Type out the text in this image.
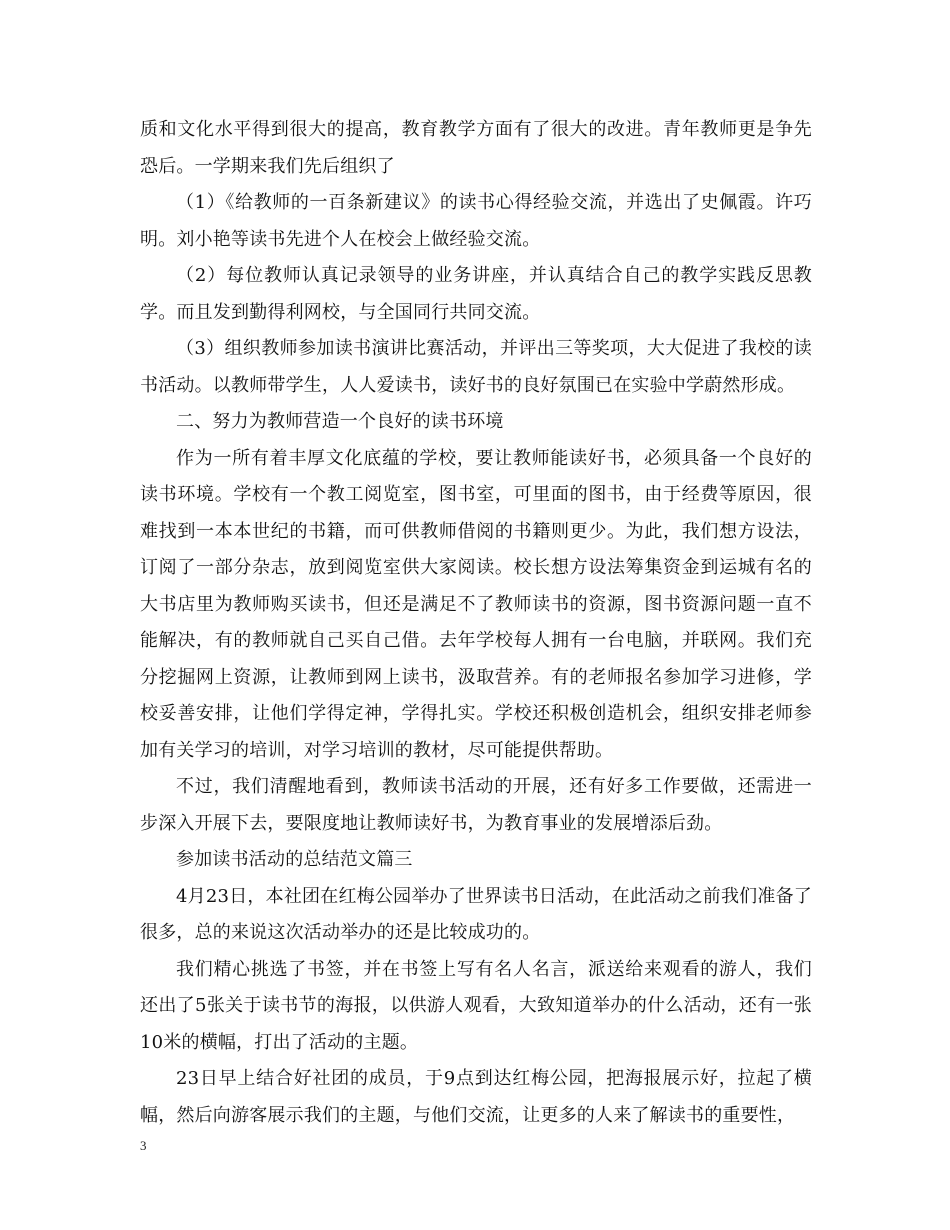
质和文化水平得到很大的提高，教育教学方面有了很大的改进。青年教师更是争先恐后。一学期来我们先后组织了

（1）《给教师的一百条新建议》的读书心得经验交流，并选出了史佩霞。许巧明。刘小艳等读书先进个人在校会上做经验交流。

（2）每位教师认真记录领导的业务讲座，并认真结合自己的教学实践反思教学。而且发到勤得利网校，与全国同行共同交流。

（3）组织教师参加读书演讲比赛活动，并评出三等奖项，大大促进了我校的读书活动。以教师带学生，人人爱读书，读好书的良好氛围已在实验中学蔚然形成。

二、努力为教师营造一个良好的读书环境

作为一所有着丰厚文化底蕴的学校，要让教师能读好书，必须具备一个良好的读书环境。学校有一个教工阅览室，图书室，可里面的图书，由于经费等原因，很难找到一本本世纪的书籍，而可供教师借阅的书籍则更少。为此，我们想方设法，订阅了一部分杂志，放到阅览室供大家阅读。校长想方设法筹集资金到运城有名的大书店里为教师购买读书，但还是满足不了教师读书的资源，图书资源问题一直不能解决，有的教师就自己买自己借。去年学校每人拥有一台电脑，并联网。我们充分挖掘网上资源，让教师到网上读书，汲取营养。有的老师报名参加学习进修，学校妥善安排，让他们学得定神，学得扎实。学校还积极创造机会，组织安排老师参加有关学习的培训，对学习培训的教材，尽可能提供帮助。

不过，我们清醒地看到，教师读书活动的开展，还有好多工作要做，还需进一步深入开展下去，要限度地让教师读好书，为教育事业的发展增添后劲。

参加读书活动的总结范文篇三

4月23日，本社团在红梅公园举办了世界读书日活动，在此活动之前我们准备了很多，总的来说这次活动举办的还是比较成功的。

我们精心挑选了书签，并在书签上写有名人名言，派送给来观看的游人，我们还出了5张关于读书节的海报，以供游人观看，大致知道举办的什么活动，还有一张10米的横幅，打出了活动的主题。

23日早上结合好社团的成员，于9点到达红梅公园，把海报展示好，拉起了横幅，然后向游客展示我们的主题，与他们交流，让更多的人来了解读书的重要性，

3
